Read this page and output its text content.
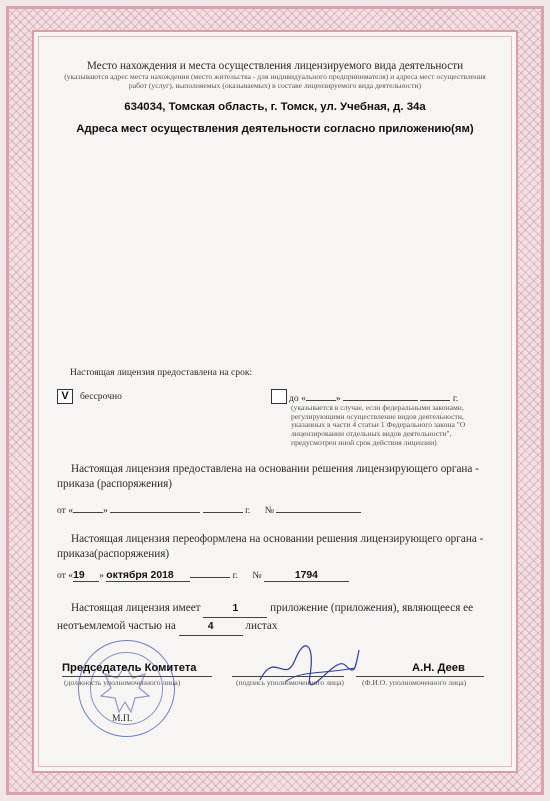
Место нахождения и места осуществления лицензируемого вида деятельности
(указываются адрес места нахождения (место жительства - для индивидуального предпринимателя) и адреса мест осуществления работ (услуг), выполняемых (оказываемых) в составе лицензируемого вида деятельности)
634034, Томская область, г. Томск, ул. Учебная, д. 34а
Адреса мест осуществления деятельности согласно приложению(ям)
Настоящая лицензия предоставлена на срок:
V	бессрочно	до «	»	г.
(указывается в случае, если федеральными законами, регулирующими осуществление видов деятельности, указанных в части 4 статьи 1 Федерального закона "О лицензировании отдельных видов деятельности", предусмотрен иной срок действия лицензии)
Настоящая лицензия предоставлена на основании решения лицензирующего органа - приказа (распоряжения)
от «	»	г. №
Настоящая лицензия переоформлена на основании решения лицензирующего органа - приказа(распоряжения)
от «19 » октября 2018	г. №	1794
Настоящая лицензия имеет	1	приложение (приложения), являющееся ее
неотъемлемой частью на	4	листах
Председатель Комитета
(должность уполномоченного лица)	(подпись уполномоченного лица)
А.Н. Деев
(Ф.И.О. уполномоченного лица)
М.П.
